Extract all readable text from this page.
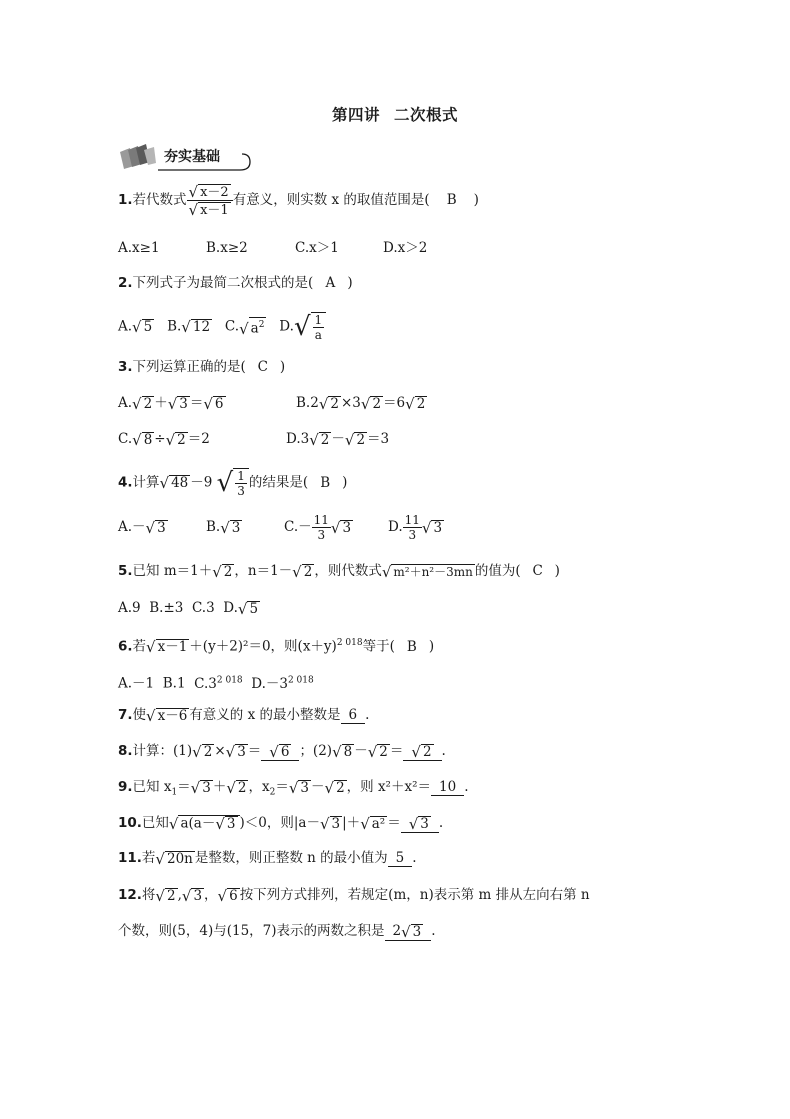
第四讲 二次根式
夯实基础
1.若代数式 $\frac{√ x-2}{√ x-1}$ 有意义，则实数 x 的取值范围是( B )
A.x≥1	B.x≥2	C.x＞1	D.x＞2
2.下列式子为最简二次根式的是( A )
A. √ 5 B. √ 12 C. √ $a^2$ D. √ $\frac{1}{a}$
3.下列运算正确的是( C )
A. √ 2 ＋ √ 3 ＝ √ 6	B.2 √ 2 ×3 √ 2 ＝6 √ 2
C. √ 8 ÷ √ 2 ＝2	D.3 √ 2 － √ 2 ＝3
4.计算 √ 48 －9 √ $\frac{1}{3}$ 的结果是( B )
A.－ √ 3	B. √ 3	$C.- \frac{11}{3}$ √ 3	D. $\frac{11}{3}$ √ 3
5.已知 m＝1＋ √ 2 ，n＝1－ √ 2 ，则代数式 √ m²＋n²－3mn 的值为( C )
A.9 B.±3 C.3 D. √ 5
6.若 √ x－1 ＋(y＋2)²＝0，则$(x+y)^{2 018}$等于( B )
A.－1 B.1 $C.3^{2 018}$ $D.-3^{2 018}$
7.使 √ x－6 有意义的 x 的最小整数是 6 .
8.计算：(1) √ 2 × √ 3 ＝ √ 6 ；(2) √ 8 － √ 2 ＝ √ 2 .
9.已知 $x_1=$ √ 3 ＋ √ 2 ，$x_2=$ √ 3 － √ 2 ，则 x²＋x²＝ 10 .
10.已知 √ a(a－ √ 3 )＜0，则|a－ √ 3 |＋ √ a² ＝ √ 3 .
11.若 √ 20n 是整数，则正整数 n 的最小值为 5 .
12.将 √ 2 , √ 3 ， √ 6 按下列方式排列，若规定(m，n)表示第 m 排从左向右第 n
个数，则(5，4)与(15，7)表示的两数之积是 2 √ 3 .
